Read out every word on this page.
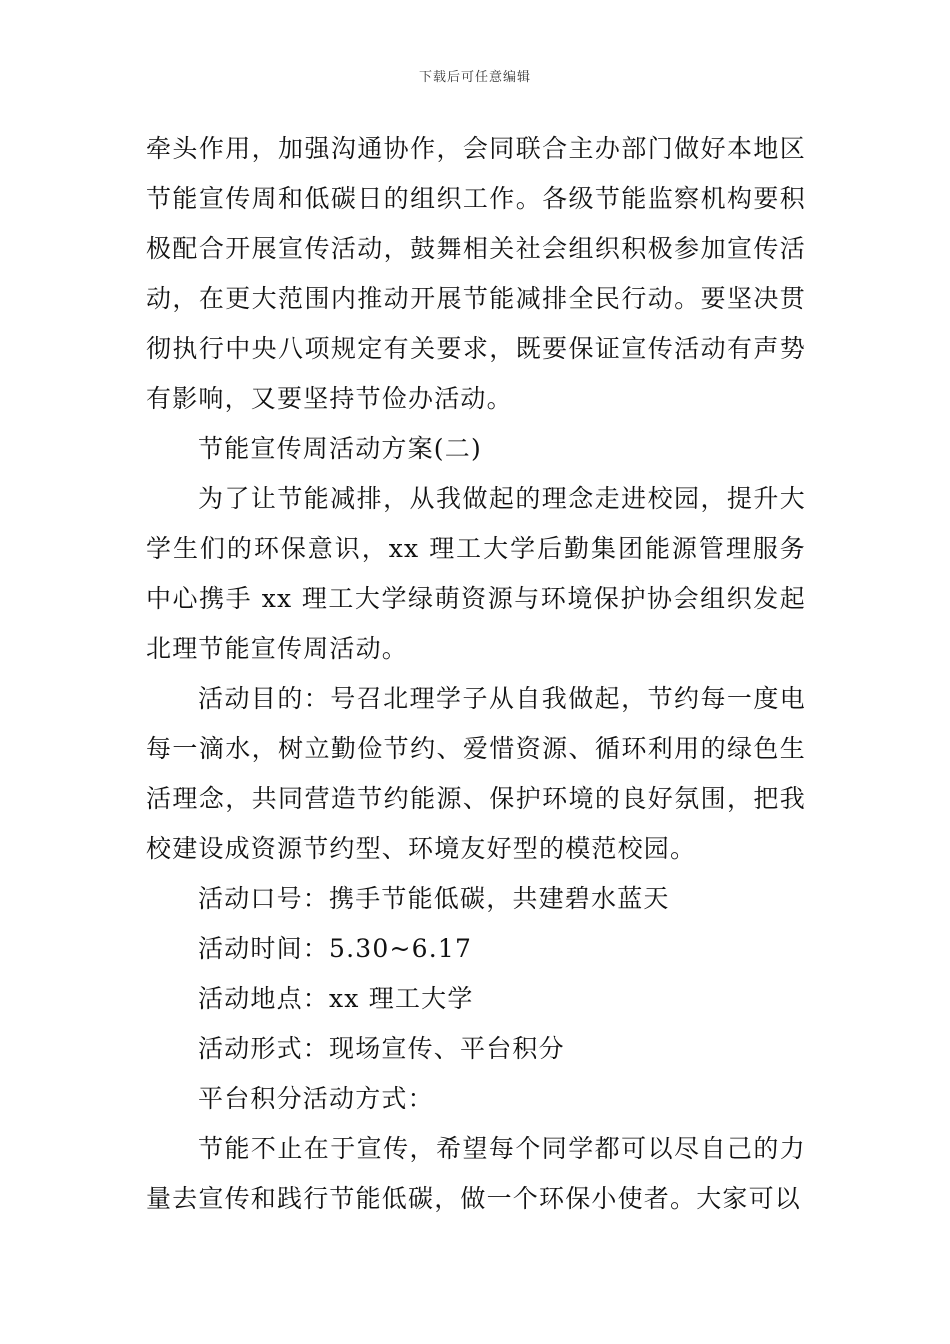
下载后可任意编辑

牵头作用，加强沟通协作，会同联合主办部门做好本地区节能宣传周和低碳日的组织工作。各级节能监察机构要积极配合开展宣传活动，鼓舞相关社会组织积极参加宣传活动，在更大范围内推动开展节能减排全民行动。要坚决贯彻执行中央八项规定有关要求，既要保证宣传活动有声势有影响，又要坚持节俭办活动。

节能宣传周活动方案(二)

为了让节能减排，从我做起的理念走进校园，提升大学生们的环保意识，xx 理工大学后勤集团能源管理服务中心携手 xx 理工大学绿萌资源与环境保护协会组织发起北理节能宣传周活动。

活动目的：号召北理学子从自我做起，节约每一度电每一滴水，树立勤俭节约、爱惜资源、循环利用的绿色生活理念，共同营造节约能源、保护环境的良好氛围，把我校建设成资源节约型、环境友好型的模范校园。

活动口号：携手节能低碳，共建碧水蓝天

活动时间：5.30~6.17

活动地点：xx 理工大学

活动形式：现场宣传、平台积分

平台积分活动方式：

节能不止在于宣传，希望每个同学都可以尽自己的力量去宣传和践行节能低碳，做一个环保小使者。大家可以
